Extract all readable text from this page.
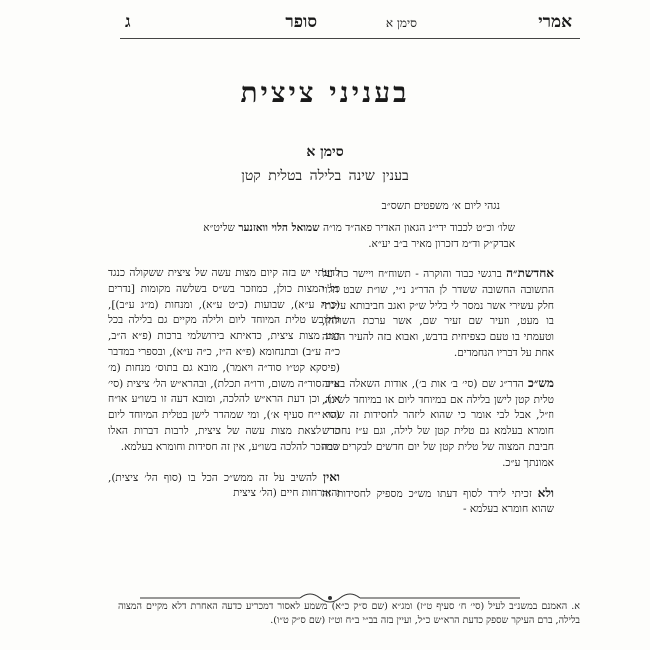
אמרי
סימן א
סופר
ג
בעניני ציצית
סימן א
בענין שינה בלילה בטלית קטן
נגהי ליום א׳ משפטים תשס״ב
שלו׳ וכ״ט לכבוד ידי״נ הגאון האדיר פאה״ד מו״ה שמואל הלוי וואזנער שליט״א
אבדק״ק וד״מ דזכרון מאיר ב״ב יע״א.

אחדשת״ה ברגשי כבוד והוקרה - תשוח״ח ויישר כח על התשובה החשובה ששדר לן הדר״ג נ״י, שו״ת שבט הלוי חלק עשירי אשר נמסר לי בליל ש״ק ואגב חביבותא עיינתי בו מעט, וזעיר שם זעיר שם, אשר ערכת השולחן, וטעמתי בו טעם כצפיחית בדבש, ואבוא בזה להעיר הערה אחת על דבריו הנחמדים.

מש״כ הדר״ג שם (סי׳ ב׳ אות ב׳), אודות השאלה באיזה טלית קטן לישן בלילה אם במיוחד ליום או במיוחד לשינה, וז״ל, אבל לבי אומר כי שהוא ליזהר לחסידות זה שהוא חומרא בעלמא גם טלית קטן של לילה, וגם ע״ז נחתרש חביבת המצוה של טלית קטן של יום חדשים לבקרים רבה אמונתך ע״כ.

ולא זכיתי לירד לסוף דעתו מש״כ מספיק לחסידות זה שהוא חומרא בעלמא -

לדעתי יש בזה קיום מצות עשה של ציצית ששקולה כנגד כל המצות כולן, כמוזכר בש״ס בשלשה מקומות [נדרים (כ״ה ע״א), שבועות (כ״ט ע״א), ומנחות (מ״ג ע״ב)], והלובש טלית המיוחד ליום ולילה מקיים גם בלילה בכל רגע מצות ציצית, כדאיתא בירושלמי ברכות (פ״א ה״ב, כ״ה ע״ב) ובתנחומא (פ״א ה״ז, כ״ה ע״א), ובספרי במדבר (פיסקא קט״ו סוד״ה ויאמר), מובא גם בתוס׳ מנחות (מ׳ ע״ב סוד״ה משום, ודו״ה תכלת), ובהרא״ש הל׳ ציצית (סי׳ א׳), וכן דעת הרא״ש להלכה, ומובא דעה זו בשו״ע או״ח (סי׳ י״ח סעיף א׳), ומי שמהדר לישן בטלית המיוחד ליום כדי לצאת מצות עשה של ציצית, לרבות דברות האלו שמוזכר להלכה בשו״ע, אין זה חסידות וחומרא בעלמא.

ואין להשיב על זה ממש״כ הכל בו (סוף הל׳ ציצית), והאורחות חיים (הל׳ ציצית

א. האמנם במשנ״ב לעיל (סי׳ ח׳ סעיף ט״ז) ומג״א (שם ס״ק כ״א) משמע לאסור דמכריע כדעה האחרת דלא מקיים המצוה בלילה, ברם העיקר שספק כדעת הרא״ש כ״ל, ועיין בזה בב״י ב״ח וט״ז (שם ס״ק ט״ו).
